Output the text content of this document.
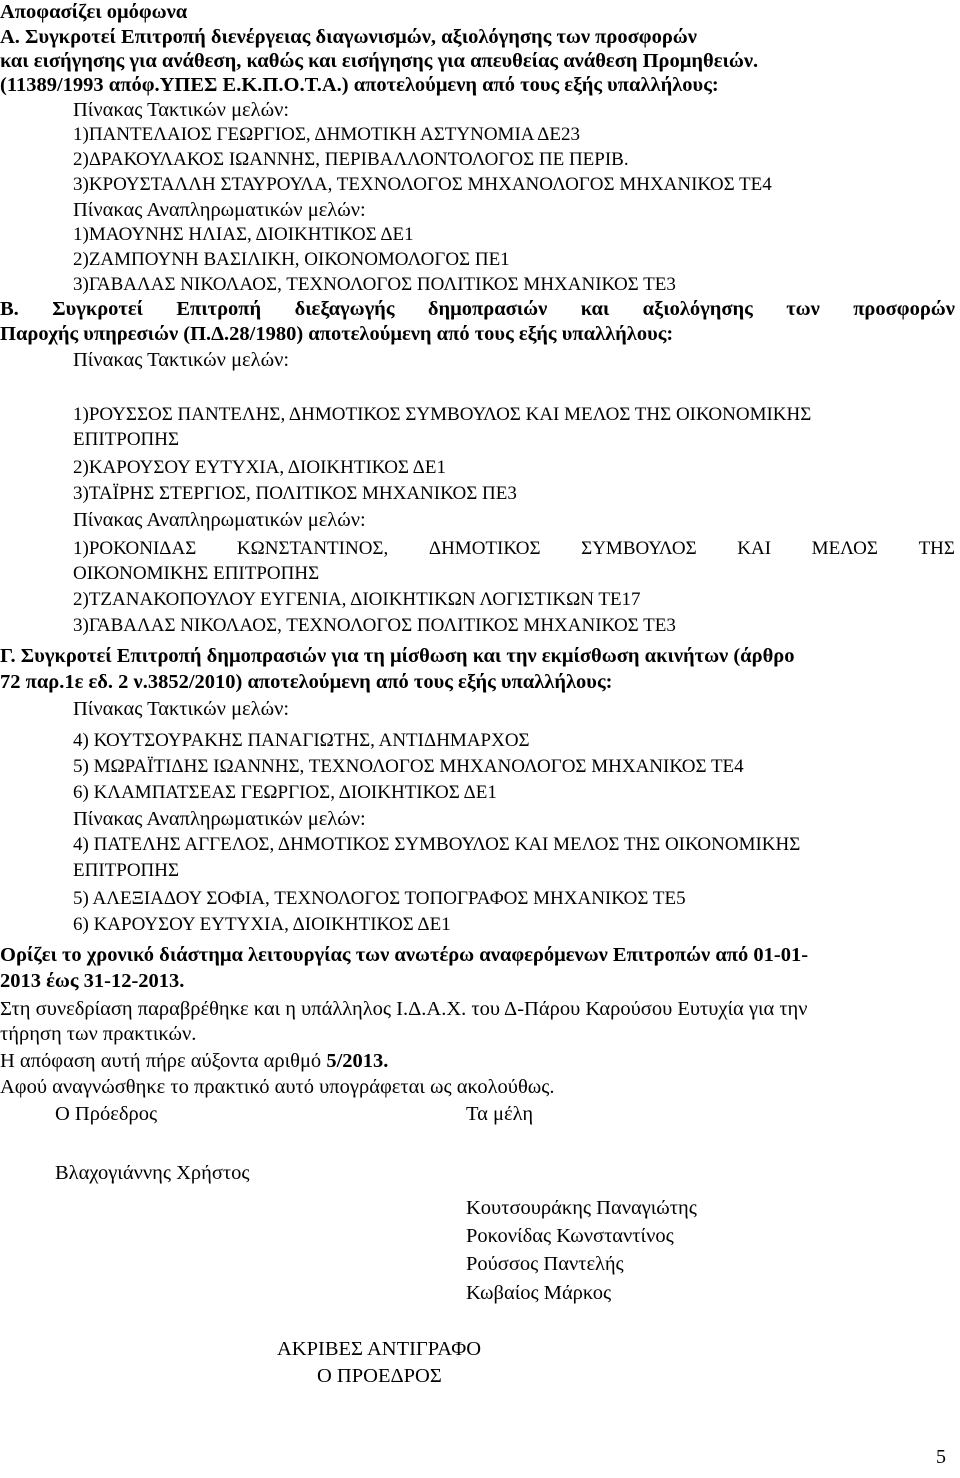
Αποφασίζει ομόφωνα
Α. Συγκροτεί Επιτροπή διενέργειας διαγωνισμών, αξιολόγησης των προσφορών
και εισήγησης για ανάθεση, καθώς και εισήγησης για απευθείας ανάθεση Προμηθειών.
(11389/1993 απόφ.ΥΠΕΣ Ε.Κ.Π.Ο.Τ.Α.) αποτελούμενη από τους εξής υπαλλήλους:
Πίνακας Τακτικών μελών:
1)ΠΑΝΤΕΛΑΙΟΣ ΓΕΩΡΓΙΟΣ, ΔΗΜΟΤΙΚΗ ΑΣΤΥΝΟΜΙΑ ΔΕ23
2)ΔΡΑΚΟΥΛΑΚΟΣ ΙΩΑΝΝΗΣ, ΠΕΡΙΒΑΛΛΟΝΤΟΛΟΓΟΣ ΠΕ ΠΕΡΙΒ.
3)ΚΡΟΥΣΤΑΛΛΗ ΣΤΑΥΡΟΥΛΑ, ΤΕΧΝΟΛΟΓΟΣ ΜΗΧΑΝΟΛΟΓΟΣ ΜΗΧΑΝΙΚΟΣ ΤΕ4
Πίνακας Αναπληρωματικών μελών:
1)ΜΑΟΥΝΗΣ ΗΛΙΑΣ, ΔΙΟΙΚΗΤΙΚΟΣ ΔΕ1
2)ΖΑΜΠΟΥΝΗ ΒΑΣΙΛΙΚΗ, ΟΙΚΟΝΟΜΟΛΟΓΟΣ ΠΕ1
3)ΓΑΒΑΛΑΣ ΝΙΚΟΛΑΟΣ, ΤΕΧΝΟΛΟΓΟΣ ΠΟΛΙΤΙΚΟΣ ΜΗΧΑΝΙΚΟΣ ΤΕ3
Β. Συγκροτεί Επιτροπή διεξαγωγής δημοπρασιών και αξιολόγησης των προσφορών
Παροχής υπηρεσιών (Π.Δ.28/1980) αποτελούμενη από τους εξής υπαλλήλους:
Πίνακας Τακτικών μελών:
1)ΡΟΥΣΣΟΣ ΠΑΝΤΕΛΗΣ, ΔΗΜΟΤΙΚΟΣ ΣΥΜΒΟΥΛΟΣ ΚΑΙ ΜΕΛΟΣ ΤΗΣ ΟΙΚΟΝΟΜΙΚΗΣ
ΕΠΙΤΡΟΠΗΣ
2)ΚΑΡΟΥΣΟΥ ΕΥΤΥΧΙΑ, ΔΙΟΙΚΗΤΙΚΟΣ ΔΕ1
3)ΤΑΪΡΗΣ ΣΤΕΡΓΙΟΣ, ΠΟΛΙΤΙΚΟΣ ΜΗΧΑΝΙΚΟΣ ΠΕ3
Πίνακας Αναπληρωματικών μελών:
1)ΡΟΚΟΝΙΔΑΣ ΚΩΝΣΤΑΝΤΙΝΟΣ, ΔΗΜΟΤΙΚΟΣ ΣΥΜΒΟΥΛΟΣ ΚΑΙ ΜΕΛΟΣ ΤΗΣ
ΟΙΚΟΝΟΜΙΚΗΣ ΕΠΙΤΡΟΠΗΣ
2)ΤΖΑΝΑΚΟΠΟΥΛΟΥ ΕΥΓΕΝΙΑ, ΔΙΟΙΚΗΤΙΚΩΝ ΛΟΓΙΣΤΙΚΩΝ ΤΕ17
3)ΓΑΒΑΛΑΣ ΝΙΚΟΛΑΟΣ, ΤΕΧΝΟΛΟΓΟΣ ΠΟΛΙΤΙΚΟΣ ΜΗΧΑΝΙΚΟΣ ΤΕ3
Γ. Συγκροτεί Επιτροπή δημοπρασιών για τη μίσθωση και την εκμίσθωση ακινήτων (άρθρο
72 παρ.1ε εδ. 2 ν.3852/2010) αποτελούμενη από τους εξής υπαλλήλους:
Πίνακας Τακτικών μελών:
4) ΚΟΥΤΣΟΥΡΑΚΗΣ ΠΑΝΑΓΙΩΤΗΣ, ΑΝΤΙΔΗΜΑΡΧΟΣ
5) ΜΩΡΑΪΤΙΔΗΣ ΙΩΑΝΝΗΣ, ΤΕΧΝΟΛΟΓΟΣ ΜΗΧΑΝΟΛΟΓΟΣ ΜΗΧΑΝΙΚΟΣ ΤΕ4
6) ΚΛΑΜΠΑΤΣΕΑΣ ΓΕΩΡΓΙΟΣ, ΔΙΟΙΚΗΤΙΚΟΣ ΔΕ1
Πίνακας Αναπληρωματικών μελών:
4) ΠΑΤΕΛΗΣ ΑΓΓΕΛΟΣ, ΔΗΜΟΤΙΚΟΣ ΣΥΜΒΟΥΛΟΣ ΚΑΙ ΜΕΛΟΣ ΤΗΣ ΟΙΚΟΝΟΜΙΚΗΣ
ΕΠΙΤΡΟΠΗΣ
5) ΑΛΕΞΙΑΔΟΥ ΣΟΦΙΑ, ΤΕΧΝΟΛΟΓΟΣ ΤΟΠΟΓΡΑΦΟΣ ΜΗΧΑΝΙΚΟΣ ΤΕ5
6) ΚΑΡΟΥΣΟΥ ΕΥΤΥΧΙΑ, ΔΙΟΙΚΗΤΙΚΟΣ ΔΕ1
Ορίζει το χρονικό διάστημα λειτουργίας των ανωτέρω αναφερόμενων Επιτροπών από 01-01-
2013 έως 31-12-2013.
Στη συνεδρίαση παραβρέθηκε και η υπάλληλος Ι.Δ.Α.Χ. του Δ-Πάρου Καρούσου Ευτυχία για την
τήρηση των πρακτικών.
Η απόφαση αυτή πήρε αύξοντα αριθμό 5/2013.
Αφού αναγνώσθηκε το πρακτικό αυτό υπογράφεται ως ακολούθως.
Ο Πρόεδρος	Τα μέλη
Βλαχογιάννης Χρήστος
Κουτσουράκης Παναγιώτης
Ροκονίδας Κωνσταντίνος
Ρούσσος Παντελής
Κωβαίος Μάρκος
ΑΚΡΙΒΕΣ ΑΝΤΙΓΡΑΦΟ
Ο ΠΡΟΕΔΡΟΣ
5
